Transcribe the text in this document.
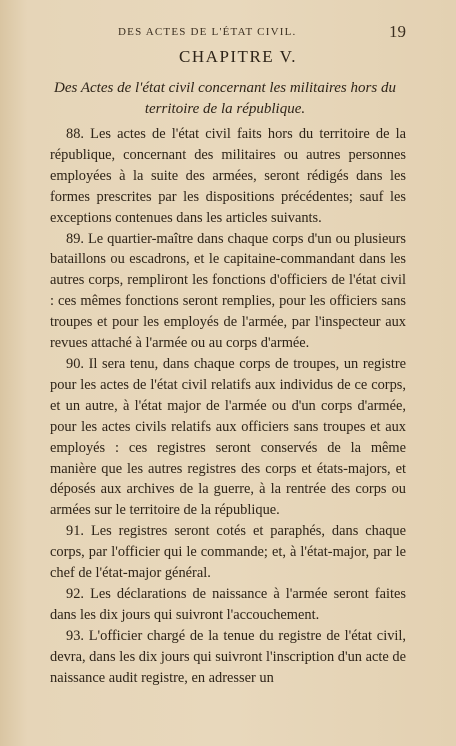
DES ACTES DE L'ÉTAT CIVIL.	19
CHAPITRE V.
Des Actes de l'état civil concernant les militaires hors du territoire de la république.

88. Les actes de l'état civil faits hors du territoire de la république, concernant des militaires ou autres personnes employées à la suite des armées, seront rédigés dans les formes prescrites par les dispositions précédentes; sauf les exceptions contenues dans les articles suivants.

89. Le quartier-maître dans chaque corps d'un ou plusieurs bataillons ou escadrons, et le capitaine-commandant dans les autres corps, rempliront les fonctions d'officiers de l'état civil : ces mêmes fonctions seront remplies, pour les officiers sans troupes et pour les employés de l'armée, par l'inspecteur aux revues attaché à l'armée ou au corps d'armée.

90. Il sera tenu, dans chaque corps de troupes, un registre pour les actes de l'état civil relatifs aux individus de ce corps, et un autre, à l'état major de l'armée ou d'un corps d'armée, pour les actes civils relatifs aux officiers sans troupes et aux employés : ces registres seront conservés de la même manière que les autres registres des corps et états-majors, et déposés aux archives de la guerre, à la rentrée des corps ou armées sur le territoire de la république.

91. Les registres seront cotés et paraphés, dans chaque corps, par l'officier qui le commande; et, à l'état-major, par le chef de l'état-major général.

92. Les déclarations de naissance à l'armée seront faites dans les dix jours qui suivront l'accouchement.

93. L'officier chargé de la tenue du registre de l'état civil, devra, dans les dix jours qui suivront l'inscription d'un acte de naissance audit registre, en adresser un
